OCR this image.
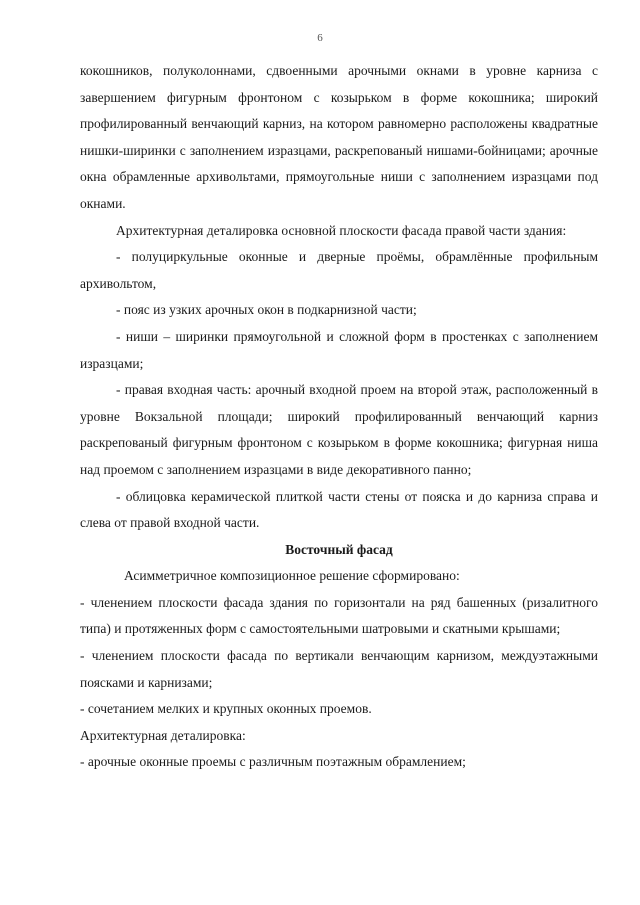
6

кокошников, полуколоннами, сдвоенными арочными окнами в уровне карниза с завершением фигурным фронтоном с козырьком в форме кокошника; широкий профилированный венчающий карниз, на котором равномерно расположены квадратные нишки-ширинки с заполнением изразцами, раскрепованый нишами-бойницами; арочные окна обрамленные архивольтами, прямоугольные ниши с заполнением изразцами под окнами.

Архитектурная деталировка основной плоскости фасада правой части здания:

- полуциркульные оконные и дверные проёмы, обрамлённые профильным архивольтом,

- пояс из узких арочных окон в подкарнизной части;

- ниши – ширинки прямоугольной и сложной форм в простенках с заполнением изразцами;

- правая входная часть: арочный входной проем на второй этаж, расположенный в уровне Вокзальной площади; широкий профилированный венчающий карниз раскрепованый фигурным фронтоном с козырьком в форме кокошника; фигурная ниша над проемом с заполнением изразцами в виде декоративного панно;

- облицовка керамической плиткой части стены от пояска и до карниза справа и слева от правой входной части.

Восточный фасад

Асимметричное композиционное решение сформировано:

- членением плоскости фасада здания по горизонтали на ряд башенных (ризалитного типа) и протяженных форм с самостоятельными шатровыми и скатными крышами;

- членением плоскости фасада по вертикали венчающим карнизом, междуэтажными поясками и карнизами;

- сочетанием мелких и крупных оконных проемов.

Архитектурная деталировка:

- арочные оконные проемы с различным поэтажным обрамлением;
